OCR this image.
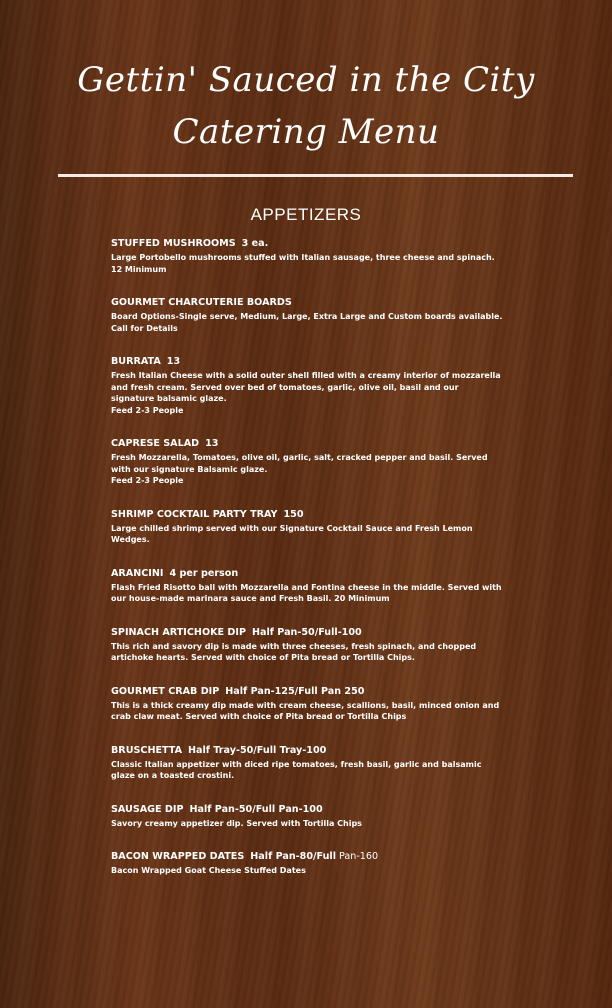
Gettin' Sauced in the City
Catering Menu
APPETIZERS
STUFFED MUSHROOMS 3 ea.
Large Portobello mushrooms stuffed with Italian sausage, three cheese and spinach. 12 Minimum
GOURMET CHARCUTERIE BOARDS
Board Options-Single serve, Medium, Large, Extra Large and Custom boards available. Call for Details
BURRATA 13
Fresh Italian Cheese with a solid outer shell filled with a creamy interior of mozzarella and fresh cream. Served over bed of tomatoes, garlic, olive oil, basil and our signature balsamic glaze.
Feed 2-3 People
CAPRESE SALAD 13
Fresh Mozzarella, Tomatoes, olive oil, garlic, salt, cracked pepper and basil. Served with our signature Balsamic glaze.
Feed 2-3 People
SHRIMP COCKTAIL PARTY TRAY 150
Large chilled shrimp served with our Signature Cocktail Sauce and Fresh Lemon Wedges.
ARANCINI 4 per person
Flash Fried Risotto ball with Mozzarella and Fontina cheese in the middle. Served with our house-made marinara sauce and Fresh Basil. 20 Minimum
SPINACH ARTICHOKE DIP Half Pan-50/Full-100
This rich and savory dip is made with three cheeses, fresh spinach, and chopped artichoke hearts. Served with choice of Pita bread or Tortilla Chips.
GOURMET CRAB DIP Half Pan-125/Full Pan 250
This is a thick creamy dip made with cream cheese, scallions, basil, minced onion and crab claw meat. Served with choice of Pita bread or Tortilla Chips
BRUSCHETTA Half Tray-50/Full Tray-100
Classic Italian appetizer with diced ripe tomatoes, fresh basil, garlic and balsamic glaze on a toasted crostini.
SAUSAGE DIP Half Pan-50/Full Pan-100
Savory creamy appetizer dip. Served with Tortilla Chips
BACON WRAPPED DATES Half Pan-80/Full Pan-160
Bacon Wrapped Goat Cheese Stuffed Dates
